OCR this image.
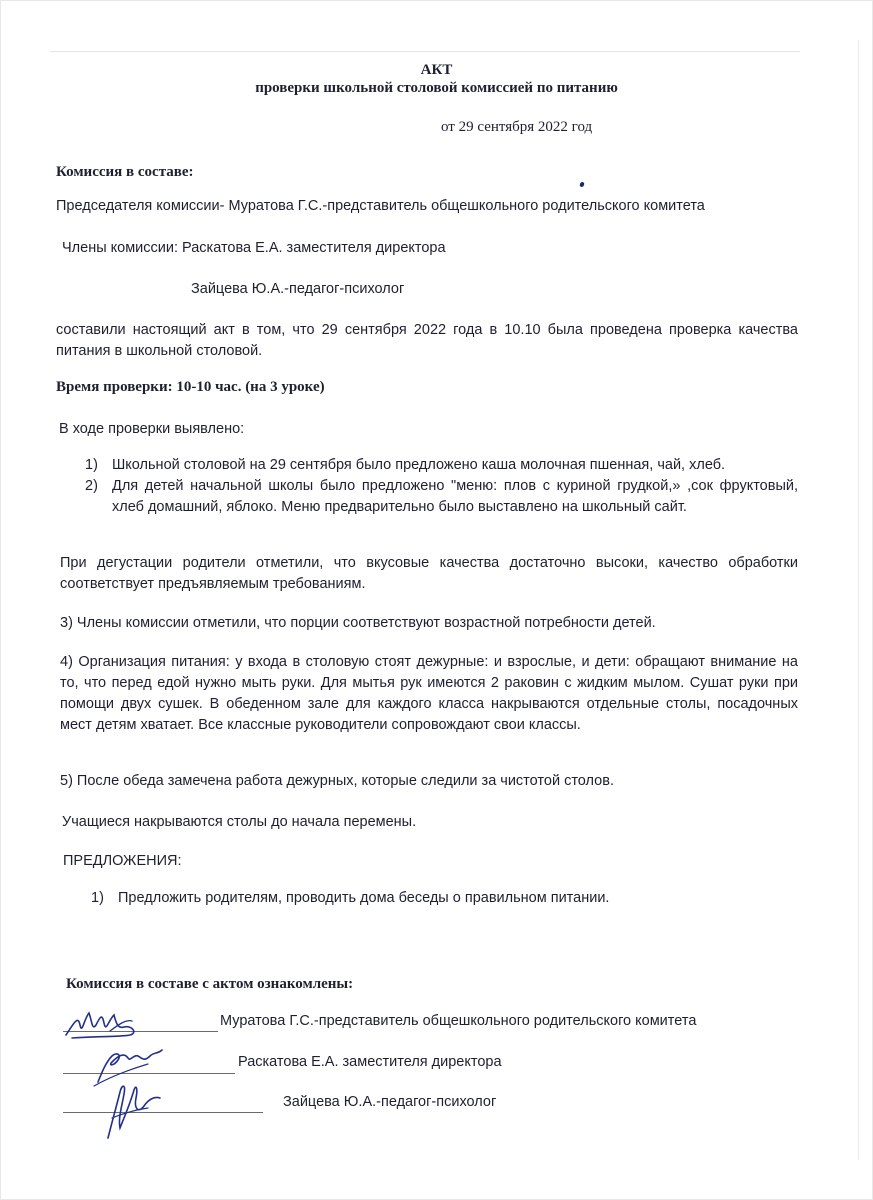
АКТ
проверки школьной столовой комиссией по питанию
от 29 сентября 2022 год
Комиссия в составе:
Председателя комиссии- Муратова Г.С.-представитель общешкольного родительского комитета
Члены комиссии: Раскатова Е.А. заместителя директора
Зайцева Ю.А.-педагог-психолог
составили настоящий акт в том, что 29 сентября 2022 года в 10.10 была проведена проверка качества питания в школьной столовой.
Время проверки: 10-10 час. (на 3 уроке)
В ходе проверки выявлено:
1) Школьной столовой на 29 сентября было предложено каша молочная пшенная, чай, хлеб.
2) Для детей начальной школы было предложено "меню: плов с куриной грудкой,» ,сок фруктовый, хлеб домашний, яблоко. Меню предварительно было выставлено на школьный сайт.
При дегустации родители отметили, что вкусовые качества достаточно высоки, качество обработки соответствует предъявляемым требованиям.
3) Члены комиссии отметили, что порции соответствуют возрастной потребности детей.
4) Организация питания: у входа в столовую стоят дежурные: и взрослые, и дети: обращают внимание на то, что перед едой нужно мыть руки. Для мытья рук имеются 2 раковин с жидким мылом. Сушат руки при помощи двух сушек. В обеденном зале для каждого класса накрываются отдельные столы, посадочных мест детям хватает. Все классные руководители сопровождают свои классы.
5) После обеда замечена работа дежурных, которые следили за чистотой столов.
Учащиеся накрываются столы до начала перемены.
ПРЕДЛОЖЕНИЯ:
1) Предложить родителям, проводить дома беседы о правильном питании.
Комиссия в составе с актом ознакомлены:
Муратова Г.С.-представитель общешкольного родительского комитета
Раскатова Е.А. заместителя директора
Зайцева Ю.А.-педагог-психолог
